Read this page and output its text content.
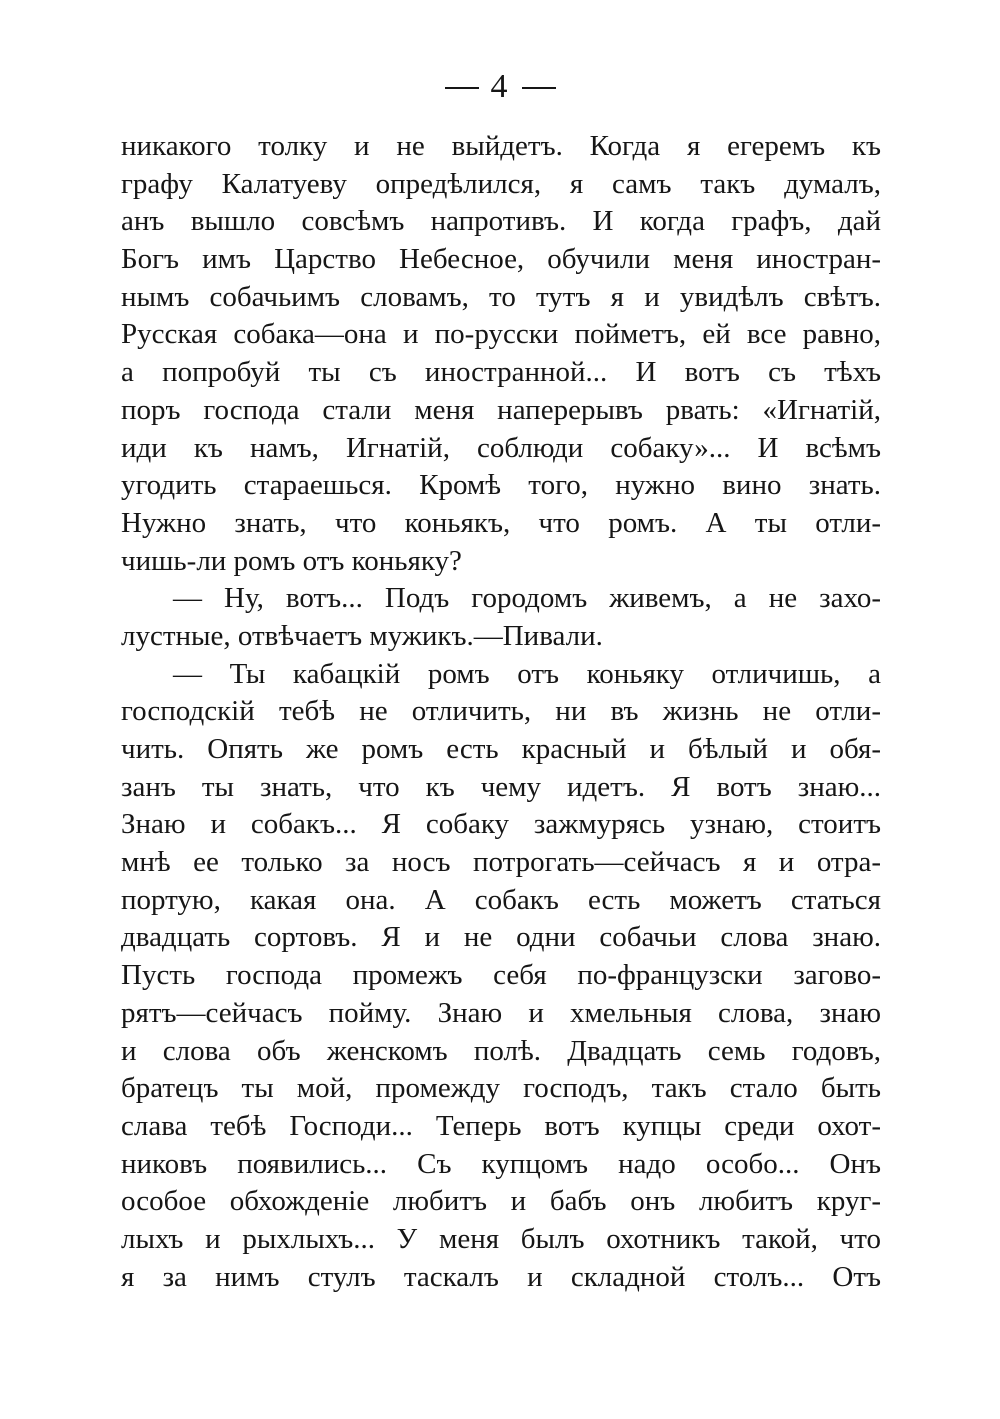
4
никакого толку и не выйдетъ. Когда я егеремъ къ
графу Калатуеву опредѣлился, я самъ такъ думалъ,
анъ вышло совсѣмъ напротивъ. И когда графъ, дай
Богъ имъ Царство Небесное, обучили меня иностран-
нымъ собачьимъ словамъ, то тутъ я и увидѣлъ свѣтъ.
Русская собака—она и по-русски пойметъ, ей все равно,
а попробуй ты съ иностранной... И вотъ съ тѣхъ
поръ господа стали меня наперерывъ рвать: «Игнатій,
иди къ намъ, Игнатій, соблюди собаку»... И всѣмъ
угодить стараешься. Кромѣ того, нужно вино знать.
Нужно знать, что коньякъ, что ромъ. А ты отли-
чишь-ли ромъ отъ коньяку?
— Ну, вотъ... Подъ городомъ живемъ, а не захо-
лустные, отвѣчаетъ мужикъ.—Пивали.
— Ты кабацкій ромъ отъ коньяку отличишь, а
господскій тебѣ не отличить, ни въ жизнь не отли-
чить. Опять же ромъ есть красный и бѣлый и обя-
занъ ты знать, что къ чему идетъ. Я вотъ знаю...
Знаю и собакъ... Я собаку зажмурясь узнаю, стоитъ
мнѣ ее только за носъ потрогать—сейчасъ я и отра-
портую, какая она. А собакъ есть можетъ статься
двадцать сортовъ. Я и не одни собачьи слова знаю.
Пусть господа промежъ себя по-французски загово-
рятъ—сейчасъ пойму. Знаю и хмельныя слова, знаю
и слова объ женскомъ полѣ. Двадцать семь годовъ,
братецъ ты мой, промежду господъ, такъ стало быть
слава тебѣ Господи... Теперь вотъ купцы среди охот-
никовъ появились... Съ купцомъ надо особо... Онъ
особое обхожденіе любитъ и бабъ онъ любитъ круг-
лыхъ и рыхлыхъ... У меня былъ охотникъ такой, что
я за нимъ стулъ таскалъ и складной столъ... Отъ
